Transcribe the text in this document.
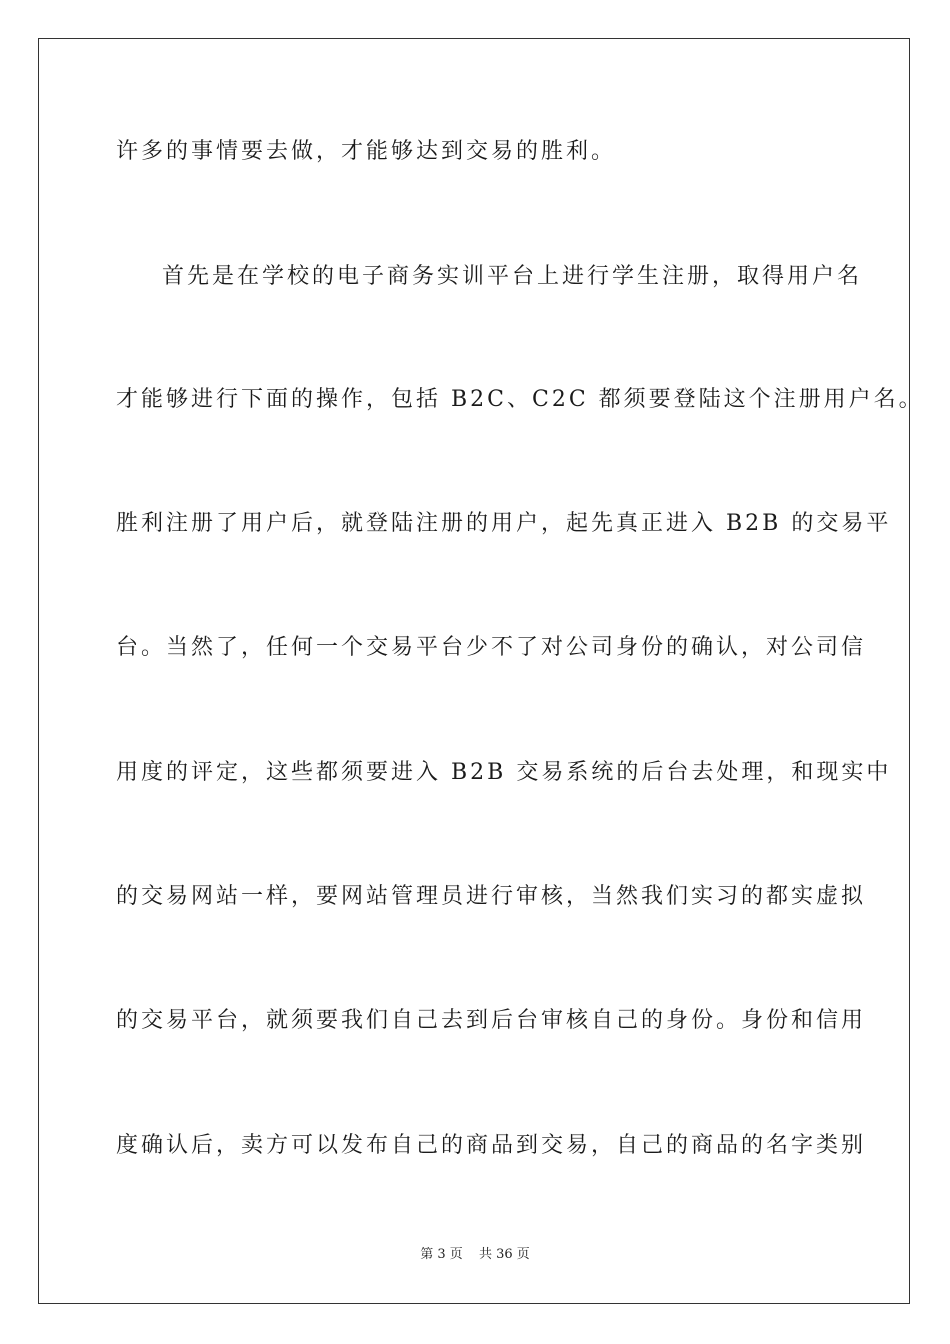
许多的事情要去做，才能够达到交易的胜利。
首先是在学校的电子商务实训平台上进行学生注册，取得用户名
才能够进行下面的操作，包括 B2C、C2C 都须要登陆这个注册用户名。
胜利注册了用户后，就登陆注册的用户，起先真正进入 B2B 的交易平
台。当然了，任何一个交易平台少不了对公司身份的确认，对公司信
用度的评定，这些都须要进入 B2B 交易系统的后台去处理，和现实中
的交易网站一样，要网站管理员进行审核，当然我们实习的都实虚拟
的交易平台，就须要我们自己去到后台审核自己的身份。身份和信用
度确认后，卖方可以发布自己的商品到交易，自己的商品的名字类别
第 3 页 共 36 页
